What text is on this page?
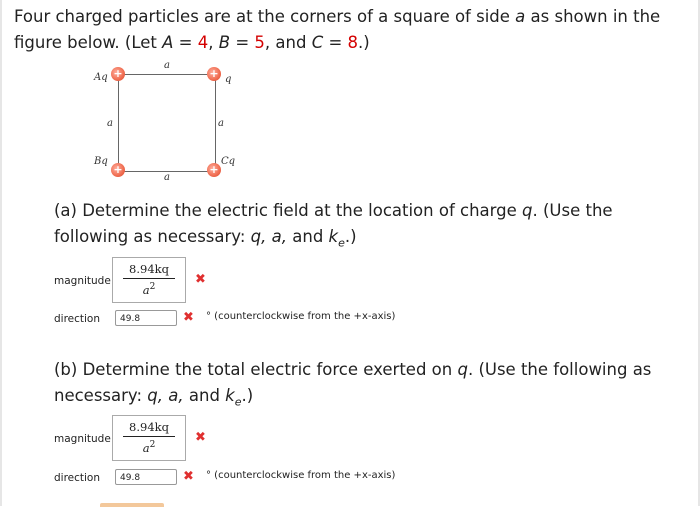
Four charged particles are at the corners of a square of side a as shown in the figure below. (Let A = 4, B = 5, and C = 8.)
+	+
+	+
Aq	q
Bq	Cq
a
a	a
a
(a) Determine the electric field at the location of charge q. (Use the following as necessary: q, a, and $k_e$.)
magnitude
8.94kq
$a^2$	✖
direction	49.8	✖ ° (counterclockwise from the +x-axis)
(b) Determine the total electric force exerted on q. (Use the following as necessary: q, a, and $k_e$.)
magnitude
8.94kq
$a^2$	✖
direction	49.8	✖ ° (counterclockwise from the +x-axis)
